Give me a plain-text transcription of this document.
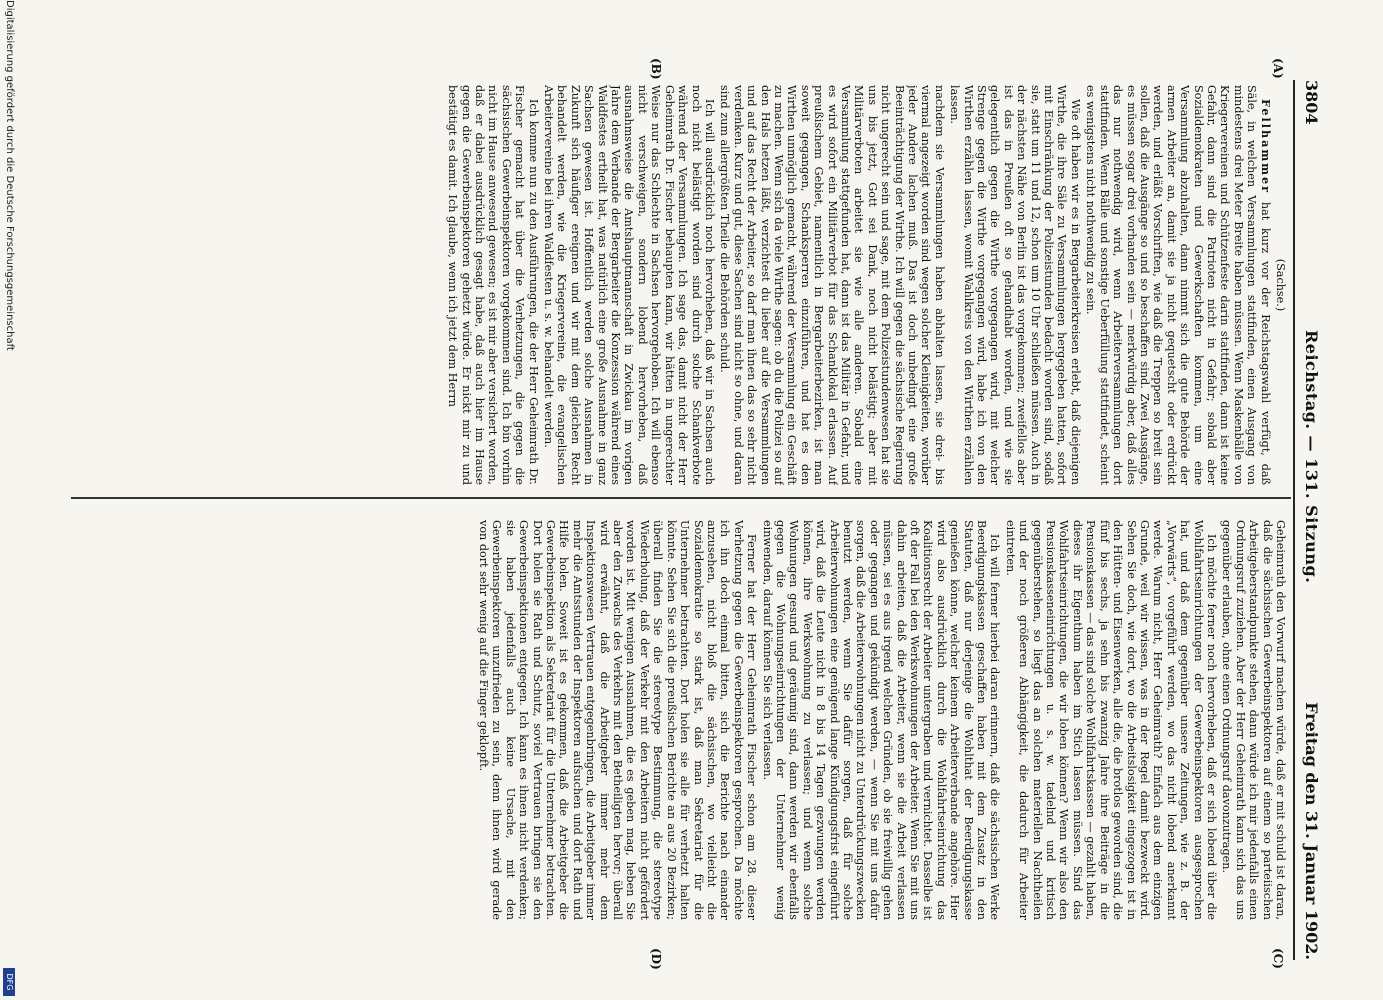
3804
Reichstag. — 131. Sitzung.
Freitag den 31. Januar 1902.
(A)
(B)
(C)
(D)

(Sachse.)

Fellhammer hat kurz vor der Reichstagswahl verfügt, daß Säle, in welchen Versammlungen stattfinden, einen Ausgang von mindestens drei Meter Breite haben müssen. Wenn Maskenbälle von Kriegervereinen und Schützenfeste darin stattfinden, dann ist keine Gefahr, dann sind die Patrioten nicht in Gefahr; sobald aber Sozialdemokraten und Gewerkschaften kommen, um eine Versammlung abzuhalten, dann nimmt sich die gute Behörde der armen Arbeiter an, damit sie ja nicht gequetscht oder erdrückt werden, und erläßt Vorschriften, wie daß die Treppen so breit sein sollen, daß die Ausgänge so und so beschaffen sind. Zwei Ausgänge, es müssen sogar drei vorhanden sein — merkwürdig aber, daß alles das nur nothwendig wird, wenn Arbeiterversammlungen dort stattfinden. Wenn Bälle und sonstige Ueberfüllung stattfindet, scheint es wenigstens nicht nothwendig zu sein.

Wie oft haben wir es in Bergarbeiterkreisen erlebt, daß diejenigen Wirthe, die ihre Säle zu Versammlungen hergegeben hatten, sofort mit Einschränkung der Polizeistunden bedacht worden sind, sodaß sie, statt um 11 und 12, schon um 10 Uhr schließen müssen. Auch in der nächsten Nähe von Berlin ist das vorgekommen; zweifellos aber ist das in Preußen oft so gehandhabt worden, und wie sie gelegentlich gegen die Wirthe vorgegangen wird, mit welcher Strenge gegen die Wirthe vorgegangen wird, habe ich von den Wirthen erzählen lassen, womit Wahlkreis von den Wirthen erzählen lassen.

nachdem sie Versammlungen haben abhalten lassen, sie drei- bis viermal angezeigt worden sind wegen solcher Kleinigkeiten, worüber jeder Andere lachen muß. Das ist doch unbedingt eine große Beeinträchtigung der Wirthe. Ich will gegen die sächsische Regierung nicht ungerecht sein und sage, mit dem Polizeistundenwesen hat sie uns bis jetzt, Gott sei Dank, noch nicht belästigt; aber mit Militärverboten arbeitet sie wie alle anderen. Sobald eine Versammlung stattgefunden hat, dann ist das Militär in Gefahr, und es wird sofort ein Militärverbot für das Schanklokal erlassen. Auf preußischem Gebiet, namentlich in Bergarbeiterbezirken, ist man soweit gegangen, Schanksperren einzuführen, und hat es den Wirthen unmöglich gemacht, während der Versammlung ein Geschäft zu machen. Wenn sich da viele Wirthe sagen: ob du die Polizei so auf den Hals hetzen läßt, verzichtest du lieber auf die Versammlungen und auf das Recht der Arbeiter, so darf man ihnen das so sehr nicht verdenken. Kurz und gut, diese Sachen sind nicht so ohne, und daran sind zum allergrößten Theile die Behörden schuld.

Ich will ausdrücklich noch hervorheben, daß wir in Sachsen auch noch nicht belästigt worden sind durch solche Schankverbote während der Versammlungen. Ich sage das, damit nicht der Herr Geheimrath Dr. Fischer behaupten kann, wir hätten in ungerechter Weise nur das Schlechte in Sachsen hervorgehoben. Ich will ebenso nicht verschweigen, sondern lobend hervorheben, daß ausnahmsweise die Amtshauptmannschaft in Zwickau im vorigen Jahre dem Verbande der Bergarbeiter die Konzession während eines Waldfestes ertheilt hat, was natürlich eine große Ausnahme in ganz Sachsen gewesen ist. Hoffentlich werden solche Ausnahmen in Zukunft sich häufiger ereignen und wir mit dem gleichen Recht behandelt werden, wie die Kriegervereine, die evangelischen Arbeitervereine bei ihren Waldfesten u. s. w. behandelt werden.

Ich komme nun zu den Ausführungen, die der Herr Geheimrath Dr. Fischer gemacht hat über die Verhetzungen, die gegen die sächsischen Gewerbeinspektoren vorgekommen sind. Ich bin vorhin nicht im Hause anwesend gewesen; es ist mir aber versichert worden, daß er dabei ausdrücklich gesagt habe, daß auch hier im Hause gegen die Gewerbeinspektoren gehetzt würde. Er nickt mir zu und bestätigt es damit. Ich glaube, wenn ich jetzt dem Herrn

Geheimrath den Vorwurf machen würde, daß er mit schuld ist daran, daß die sächsischen Gewerbeinspektoren auf einem so parteiischen Arbeitgeberstandpunkte stehen, dann würde ich mir jedenfalls einen Ordnungsruf zuziehen. Aber der Herr Geheimrath kann sich das uns gegenüber erlauben, ohne einen Ordnungsruf davonzutragen.

Ich möchte ferner noch hervorheben, daß er sich lobend über die Wohlfahrtseinrichtungen der Gewerbeinspektoren ausgesprochen hat, und daß dem gegenüber unsere Zeitungen, wie z. B. der „Vorwärts“, vorgeführt werden, wo das nicht lobend anerkannt werde. Warum nicht, Herr Geheimrath? Einfach aus dem einzigen Grunde, weil wir wissen, was in der Regel damit bezweckt wird. Sehen Sie doch, wie dort, wo die Arbeitslosigkeit eingezogen ist in den Hütten- und Eisenwerken, alle die, die brotlos geworden sind, die fünf bis sechs, ja sehn bis zwanzig Jahre ihre Beiträge in die Pensionskassen — das sind solche Wohlfahrtskassen — gezahlt haben, dieses ihr Eigenthum haben im Stich lassen müssen. Sind das Wohlfahrtseinrichtungen, die wir loben können? Wenn wir also den Pensionskasseneinrichtungen u. s. w. tadelnd und kritisch gegenüberstehen, so liegt das an solchen materiellen Nachtheilen und der noch größeren Abhängigkeit, die dadurch für Arbeiter eintreten.

Ich will ferner hierbei daran erinnern, daß die sächsischen Werke Beerdigungskassen geschaffen haben mit dem Zusatz in den Statuten, daß nur derjenige die Wohlthat der Beerdigungskasse genießen könne, welcher keinem Arbeiterverbande angehöre. Hier wird also ausdrücklich durch die Wohlfahrtseinrichtung das Koalitionsrecht der Arbeiter untergraben und vernichtet. Dasselbe ist oft der Fall bei den Werkswohnungen der Arbeiter. Wenn Sie mit uns dahin arbeiten, daß die Arbeiter, wenn sie die Arbeit verlassen müssen, sei es aus irgend welchen Gründen, ob sie freiwillig gehen oder gegangen und gekündigt werden, — wenn Sie mit uns dafür sorgen, daß die Arbeiterwohnungen nicht zu Unterdrückungszwecken benutzt werden, wenn Sie dafür sorgen, daß für solche Arbeiterwohnungen eine genügend lange Kündigungsfrist eingeführt wird, daß die Leute nicht in 8 bis 14 Tagen gezwungen werden können, ihre Werkswohnung zu verlassen; und wenn solche Wohnungen gesund und geräumig sind, dann werden wir ebenfalls gegen die Wohnungseinrichtungen der Unternehmer wenig einwenden, darauf können Sie sich verlassen.

Ferner hat der Herr Geheimrath Fischer schon am 28. dieser Verhetzung gegen die Gewerbeinspektoren gesprochen. Da möchte ich ihn doch einmal bitten, sich die Berichte nach einander anzusehen, nicht bloß die sächsischen, wo vielleicht die Sozialdemokratie so stark ist, daß man Sekretariat für die Unternehmer betrachten. Dort holen sie alle für verhetzt halten könnte. Sehen Sie sich die preußischen Berichte an aus 20 Bezirken; überall finden Sie die stereotype Bestimmung, die stereotype Wiederholung, daß der Verkehr mit den Arbeitern nicht gefördert worden ist. Mit wenigen Ausnahmen, die es geben mag, heben Sie aber den Zuwachs des Verkehrs mit den Betheiligten hervor; überall wird erwähnt, daß die Arbeitgeber immer mehr dem Inspektionswesen Vertrauen entgegenbringen, die Arbeitgeber immer mehr die Amtsstunden der Inspektoren aufsuchen und dort Rath und Hilfe holen. Soweit ist es gekommen, daß die Arbeitgeber die Gewerbeinspektion als Sekretariat für die Unternehmer betrachten. Dort holen sie Rath und Schutz, soviel Vertrauen bringen sie den Gewerbeinspektionen entgegen. Ich kann es ihnen nicht verdenken; sie haben jedenfalls auch keine Ursache, mit den Gewerbeinspektoren unzufrieden zu sein, denn ihnen wird gerade von dort sehr wenig auf die Finger geklopft.

Digitalisierung gefördert durch die Deutsche Forschungsgemeinschaft
DFG
